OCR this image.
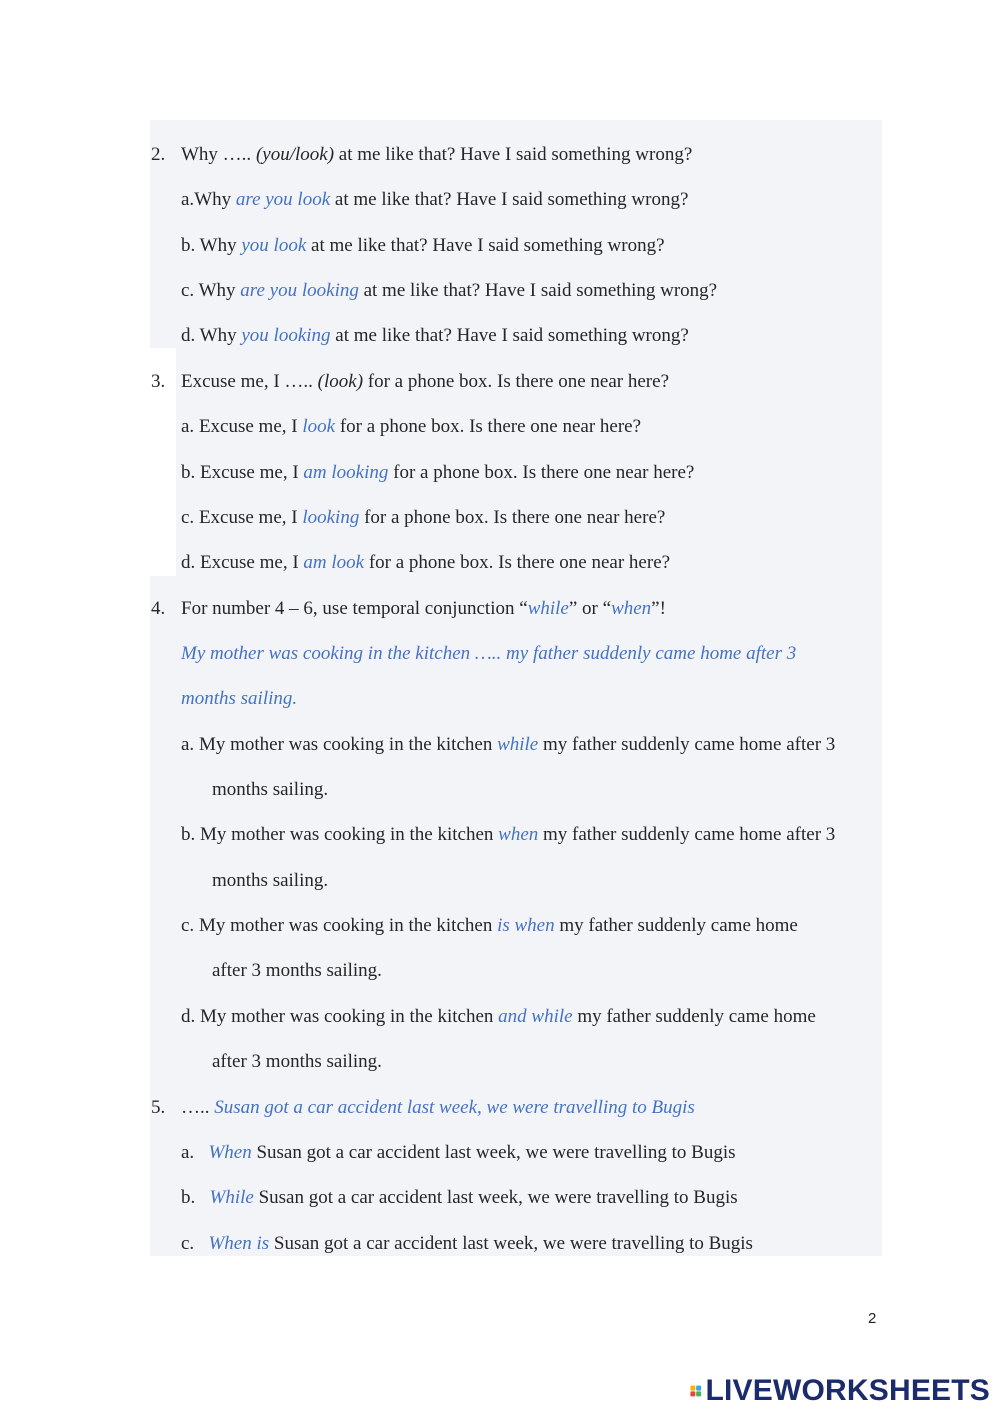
2. Why ….. (you/look) at me like that? Have I said something wrong?
a.Why are you look at me like that? Have I said something wrong?
b. Why you look at me like that? Have I said something wrong?
c. Why are you looking at me like that? Have I said something wrong?
d. Why you looking at me like that? Have I said something wrong?
3. Excuse me, I ….. (look) for a phone box. Is there one near here?
a. Excuse me, I look for a phone box. Is there one near here?
b. Excuse me, I am looking for a phone box. Is there one near here?
c. Excuse me, I looking for a phone box. Is there one near here?
d. Excuse me, I am look for a phone box. Is there one near here?
4. For number 4 – 6, use temporal conjunction “while” or “when”!
My mother was cooking in the kitchen ….. my father suddenly came home after 3
months sailing.
a. My mother was cooking in the kitchen while my father suddenly came home after 3
months sailing.
b. My mother was cooking in the kitchen when my father suddenly came home after 3
months sailing.
c. My mother was cooking in the kitchen is when my father suddenly came home
after 3 months sailing.
d. My mother was cooking in the kitchen and while my father suddenly came home
after 3 months sailing.
5. ….. Susan got a car accident last week, we were travelling to Bugis
a. When Susan got a car accident last week, we were travelling to Bugis
b. While Susan got a car accident last week, we were travelling to Bugis
c. When is Susan got a car accident last week, we were travelling to Bugis
2
LIVEWORKSHEETS
